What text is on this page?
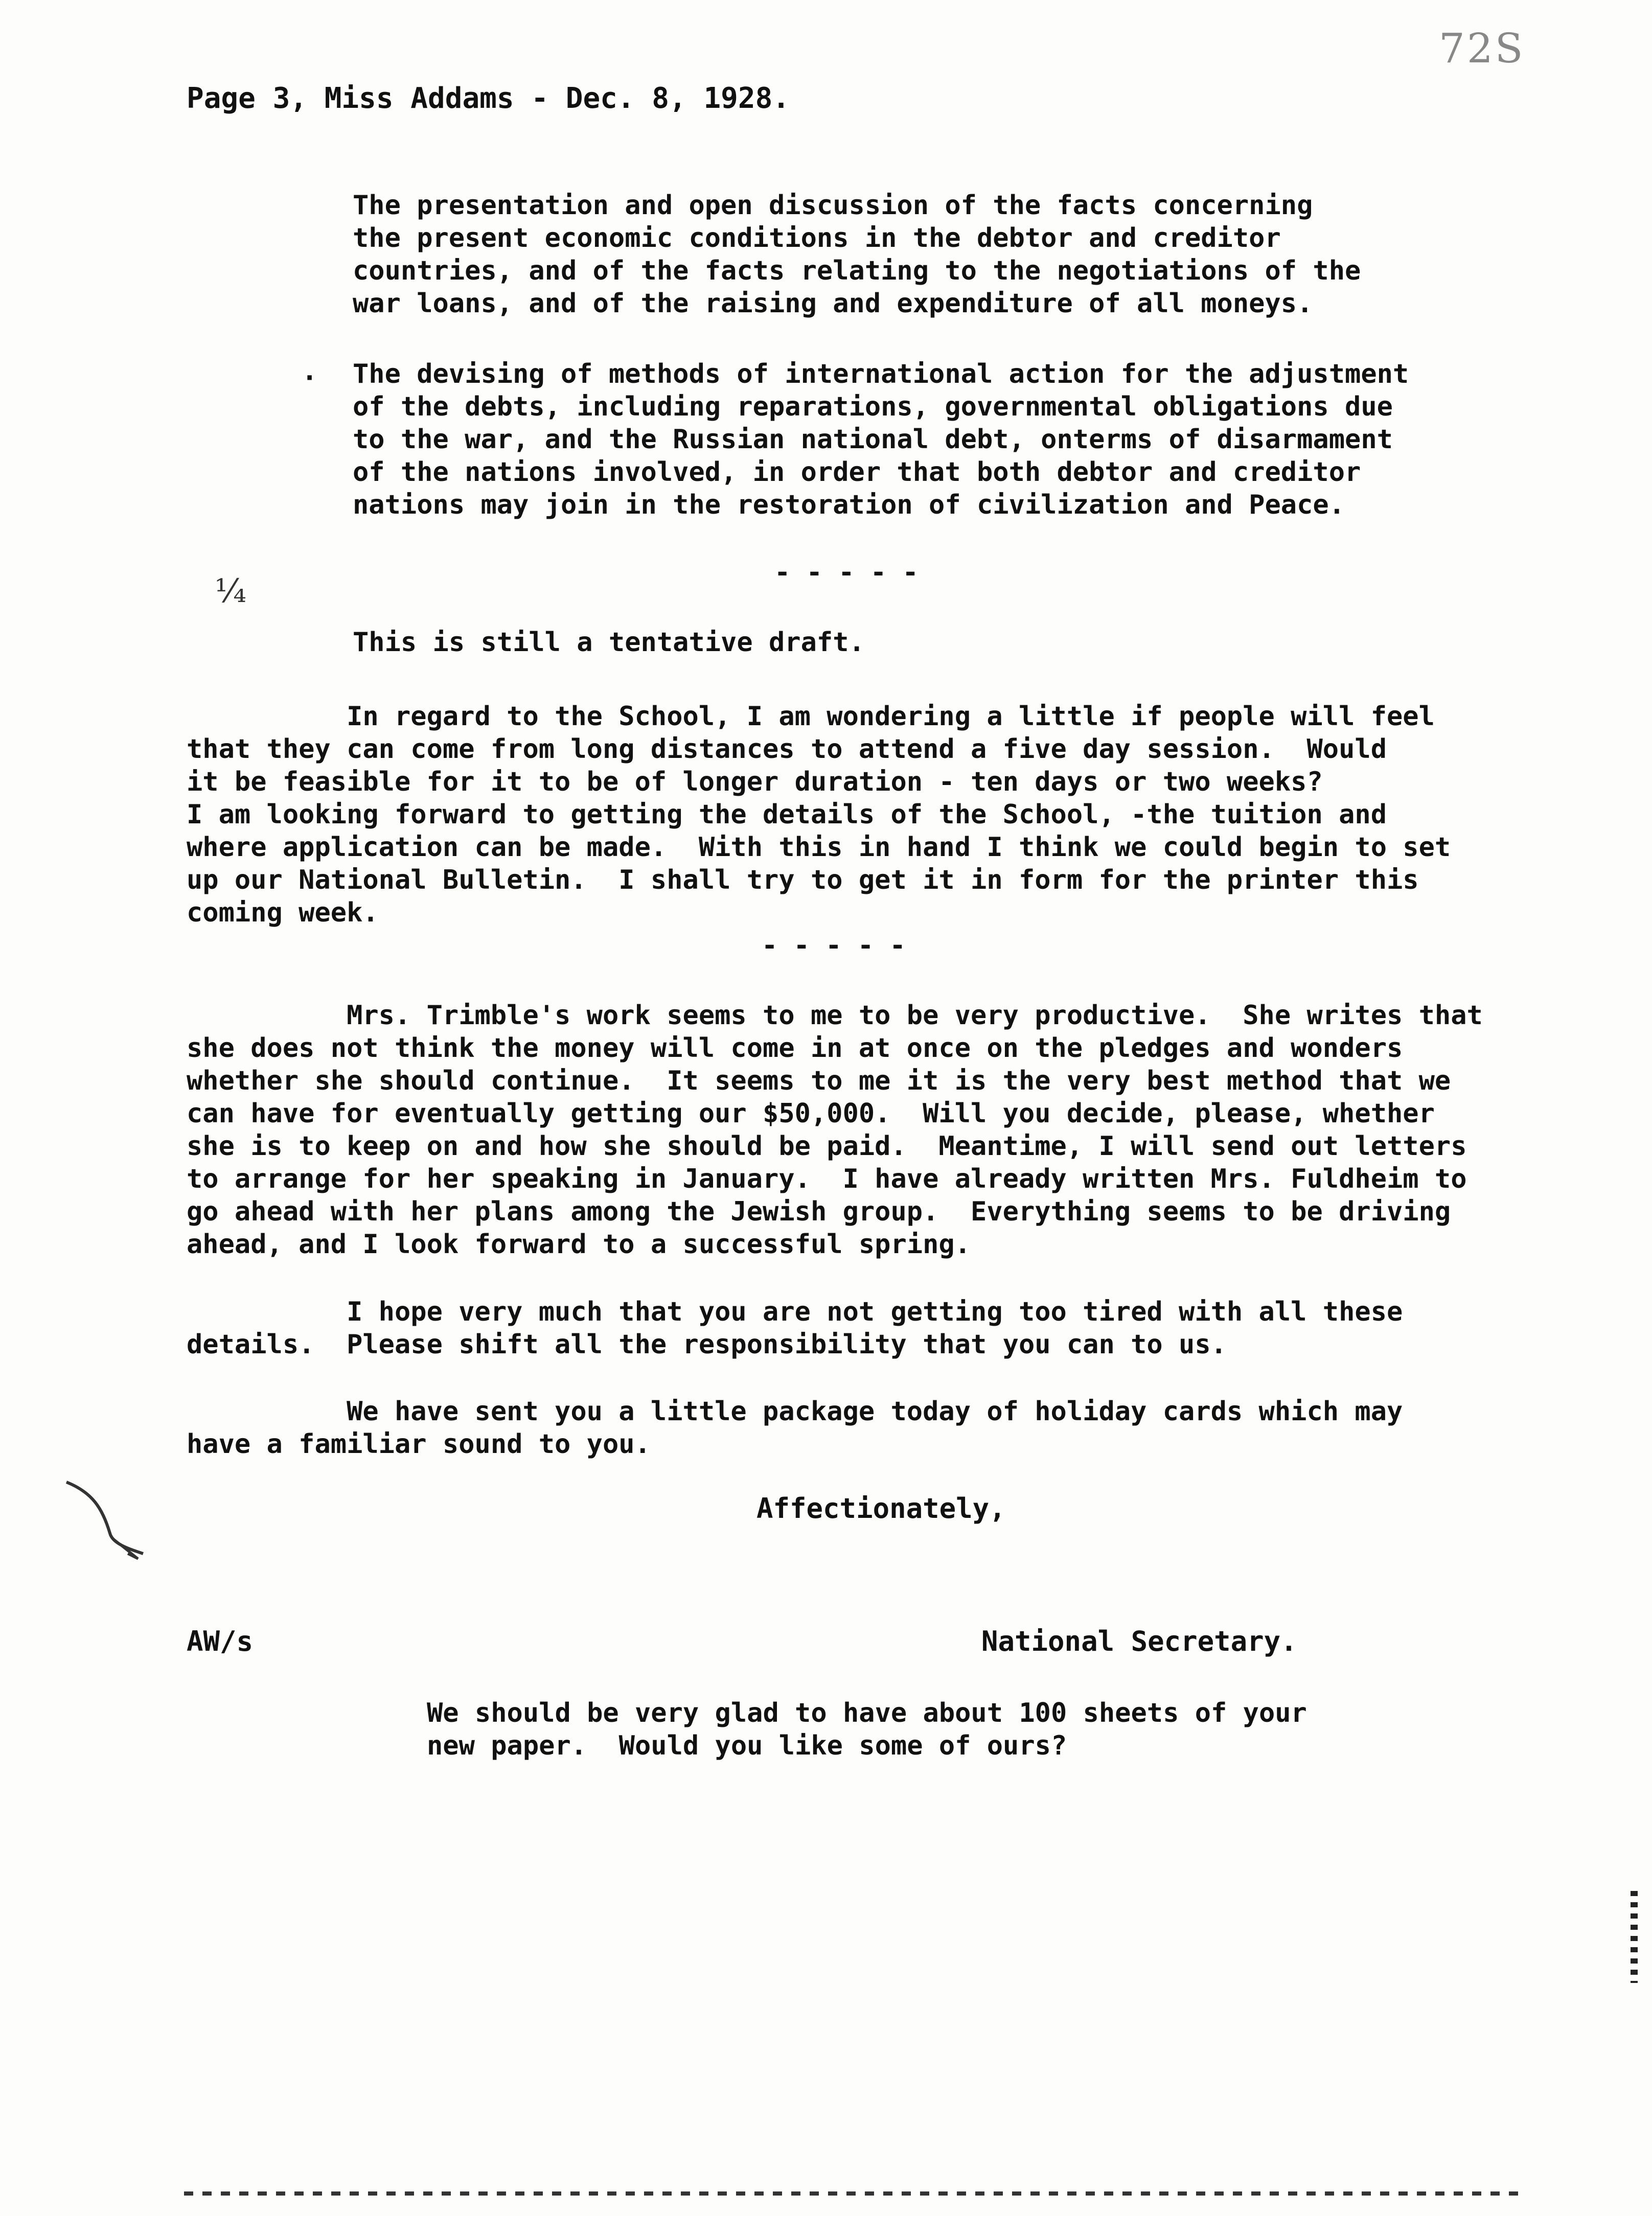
72S
Page 3, Miss Addams - Dec. 8, 1928.
The presentation and open discussion of the facts concerning
the present economic conditions in the debtor and creditor
countries, and of the facts relating to the negotiations of the
war loans, and of the raising and expenditure of all moneys.
· The devising of methods of international action for the adjustment
of the debts, including reparations, governmental obligations due
to the war, and the Russian national debt, onterms of disarmament
of the nations involved, in order that both debtor and creditor
nations may join in the restoration of civilization and Peace.
- - - - -
¼
This is still a tentative draft.
In regard to the School, I am wondering a little if people will feel
that they can come from long distances to attend a five day session.  Would
it be feasible for it to be of longer duration - ten days or two weeks?
I am looking forward to getting the details of the School, -the tuition and
where application can be made.  With this in hand I think we could begin to set
up our National Bulletin.  I shall try to get it in form for the printer this
coming week.
- - - - -
Mrs. Trimble's work seems to me to be very productive.  She writes that
she does not think the money will come in at once on the pledges and wonders
whether she should continue.  It seems to me it is the very best method that we
can have for eventually getting our $50,000.  Will you decide, please, whether
she is to keep on and how she should be paid.  Meantime, I will send out letters
to arrange for her speaking in January.  I have already written Mrs. Fuldheim to
go ahead with her plans among the Jewish group.  Everything seems to be driving
ahead, and I look forward to a successful spring.
I hope very much that you are not getting too tired with all these
details.  Please shift all the responsibility that you can to us.
We have sent you a little package today of holiday cards which may
have a familiar sound to you.
Affectionately,
AW/s	National Secretary.
We should be very glad to have about 100 sheets of your
new paper.  Would you like some of ours?
